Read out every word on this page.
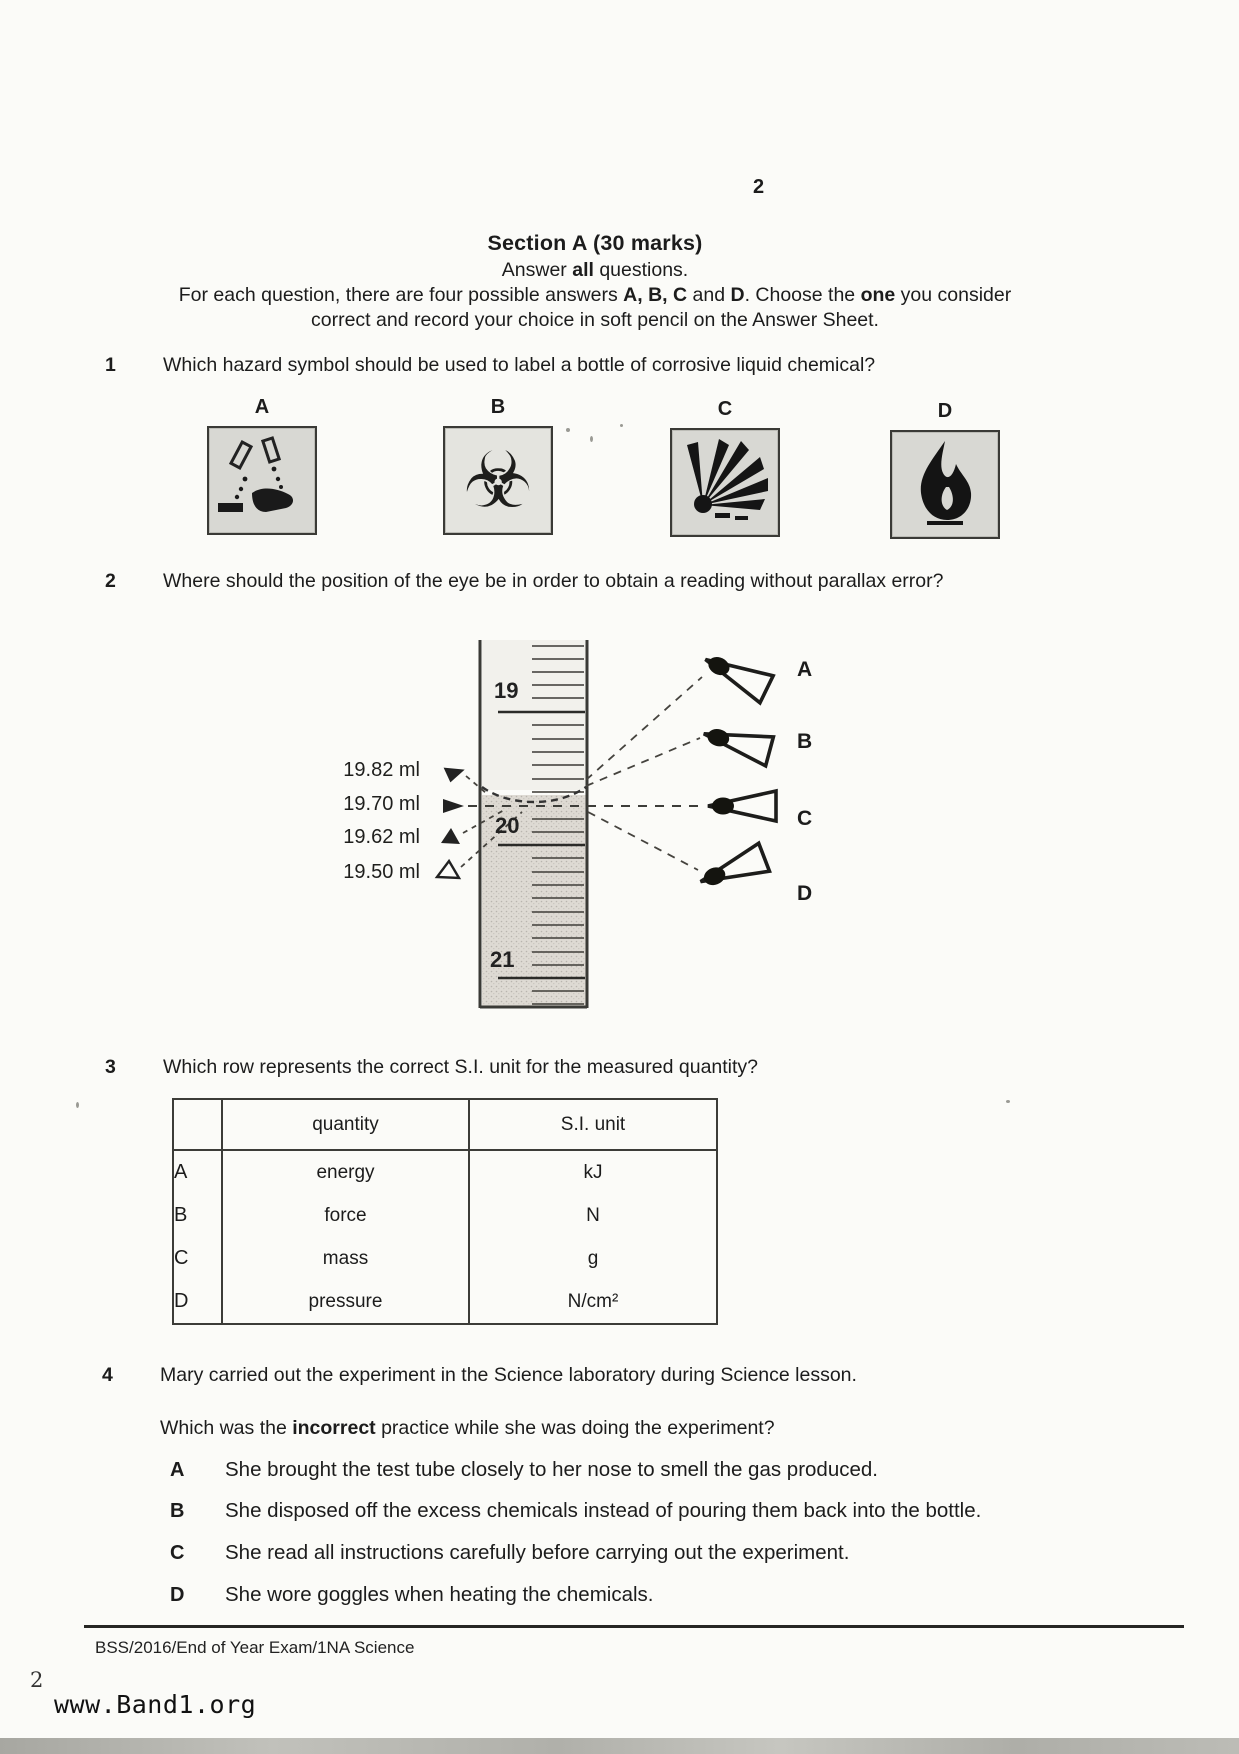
2
Section A (30 marks)
Answer all questions.
For each question, there are four possible answers A, B, C and D. Choose the one you consider
correct and record your choice in soft pencil on the Answer Sheet.
1 Which hazard symbol should be used to label a bottle of corrosive liquid chemical?
A	B
☣
C	D
2 Where should the position of the eye be in order to obtain a reading without parallax error?
19
20
21
19.82 ml
19.70 ml
19.62 ml
19.50 ml
A
B
C
D
3 Which row represents the correct S.I. unit for the measured quantity?
	quantity	S.I. unit
A	energy	kJ
B	force	N
C	mass	g
D	pressure	N/cm²
4 Mary carried out the experiment in the Science laboratory during Science lesson.
Which was the incorrect practice while she was doing the experiment?
A She brought the test tube closely to her nose to smell the gas produced.
B She disposed off the excess chemicals instead of pouring them back into the bottle.
C She read all instructions carefully before carrying out the experiment.
D She wore goggles when heating the chemicals.
BSS/2016/End of Year Exam/1NA Science
2
www.Band1.org
